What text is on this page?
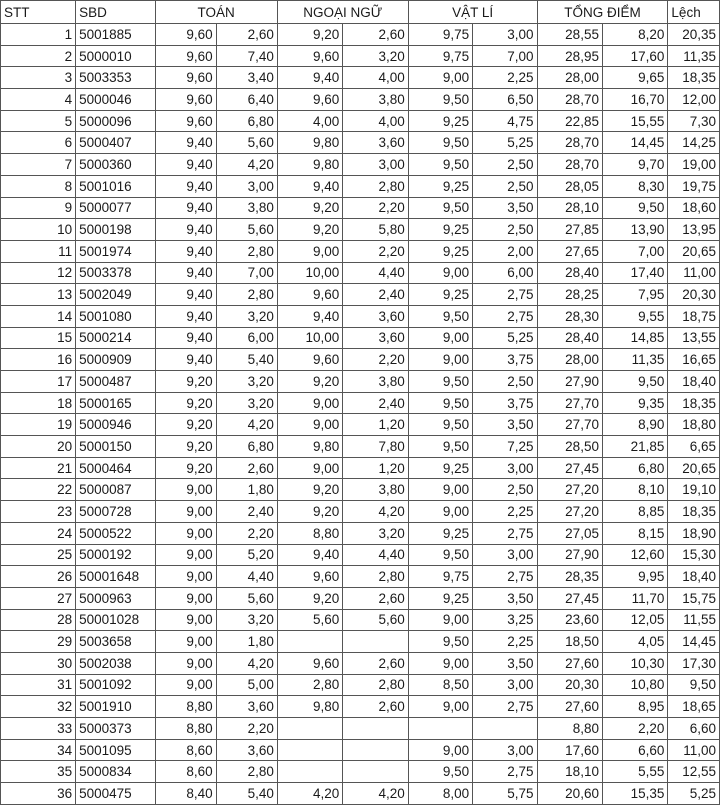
STT	SBD	TOÁN		NGOẠI NGỮ		VẬT LÍ		TỔNG ĐIỂM		Lệch
1	5001885	9,60	2,60	9,20	2,60	9,75	3,00	28,55	8,20	20,35
2	5000010	9,60	7,40	9,60	3,20	9,75	7,00	28,95	17,60	11,35
3	5003353	9,60	3,40	9,40	4,00	9,00	2,25	28,00	9,65	18,35
4	5000046	9,60	6,40	9,60	3,80	9,50	6,50	28,70	16,70	12,00
5	5000096	9,60	6,80	4,00	4,00	9,25	4,75	22,85	15,55	7,30
6	5000407	9,40	5,60	9,80	3,60	9,50	5,25	28,70	14,45	14,25
7	5000360	9,40	4,20	9,80	3,00	9,50	2,50	28,70	9,70	19,00
8	5001016	9,40	3,00	9,40	2,80	9,25	2,50	28,05	8,30	19,75
9	5000077	9,40	3,80	9,20	2,20	9,50	3,50	28,10	9,50	18,60
10	5000198	9,40	5,60	9,20	5,80	9,25	2,50	27,85	13,90	13,95
11	5001974	9,40	2,80	9,00	2,20	9,25	2,00	27,65	7,00	20,65
12	5003378	9,40	7,00	10,00	4,40	9,00	6,00	28,40	17,40	11,00
13	5002049	9,40	2,80	9,60	2,40	9,25	2,75	28,25	7,95	20,30
14	5001080	9,40	3,20	9,40	3,60	9,50	2,75	28,30	9,55	18,75
15	5000214	9,40	6,00	10,00	3,60	9,00	5,25	28,40	14,85	13,55
16	5000909	9,40	5,40	9,60	2,20	9,00	3,75	28,00	11,35	16,65
17	5000487	9,20	3,20	9,20	3,80	9,50	2,50	27,90	9,50	18,40
18	5000165	9,20	3,20	9,00	2,40	9,50	3,75	27,70	9,35	18,35
19	5000946	9,20	4,20	9,00	1,20	9,50	3,50	27,70	8,90	18,80
20	5000150	9,20	6,80	9,80	7,80	9,50	7,25	28,50	21,85	6,65
21	5000464	9,20	2,60	9,00	1,20	9,25	3,00	27,45	6,80	20,65
22	5000087	9,00	1,80	9,20	3,80	9,00	2,50	27,20	8,10	19,10
23	5000728	9,00	2,40	9,20	4,20	9,00	2,25	27,20	8,85	18,35
24	5000522	9,00	2,20	8,80	3,20	9,25	2,75	27,05	8,15	18,90
25	5000192	9,00	5,20	9,40	4,40	9,50	3,00	27,90	12,60	15,30
26	50001648	9,00	4,40	9,60	2,80	9,75	2,75	28,35	9,95	18,40
27	5000963	9,00	5,60	9,20	2,60	9,25	3,50	27,45	11,70	15,75
28	50001028	9,00	3,20	5,60	5,60	9,00	3,25	23,60	12,05	11,55
29	5003658	9,00	1,80			9,50	2,25	18,50	4,05	14,45
30	5002038	9,00	4,20	9,60	2,60	9,00	3,50	27,60	10,30	17,30
31	5001092	9,00	5,00	2,80	2,80	8,50	3,00	20,30	10,80	9,50
32	5001910	8,80	3,60	9,80	2,60	9,00	2,75	27,60	8,95	18,65
33	5000373	8,80	2,20					8,80	2,20	6,60
34	5001095	8,60	3,60			9,00	3,00	17,60	6,60	11,00
35	5000834	8,60	2,80			9,50	2,75	18,10	5,55	12,55
36	5000475	8,40	5,40	4,20	4,20	8,00	5,75	20,60	15,35	5,25
